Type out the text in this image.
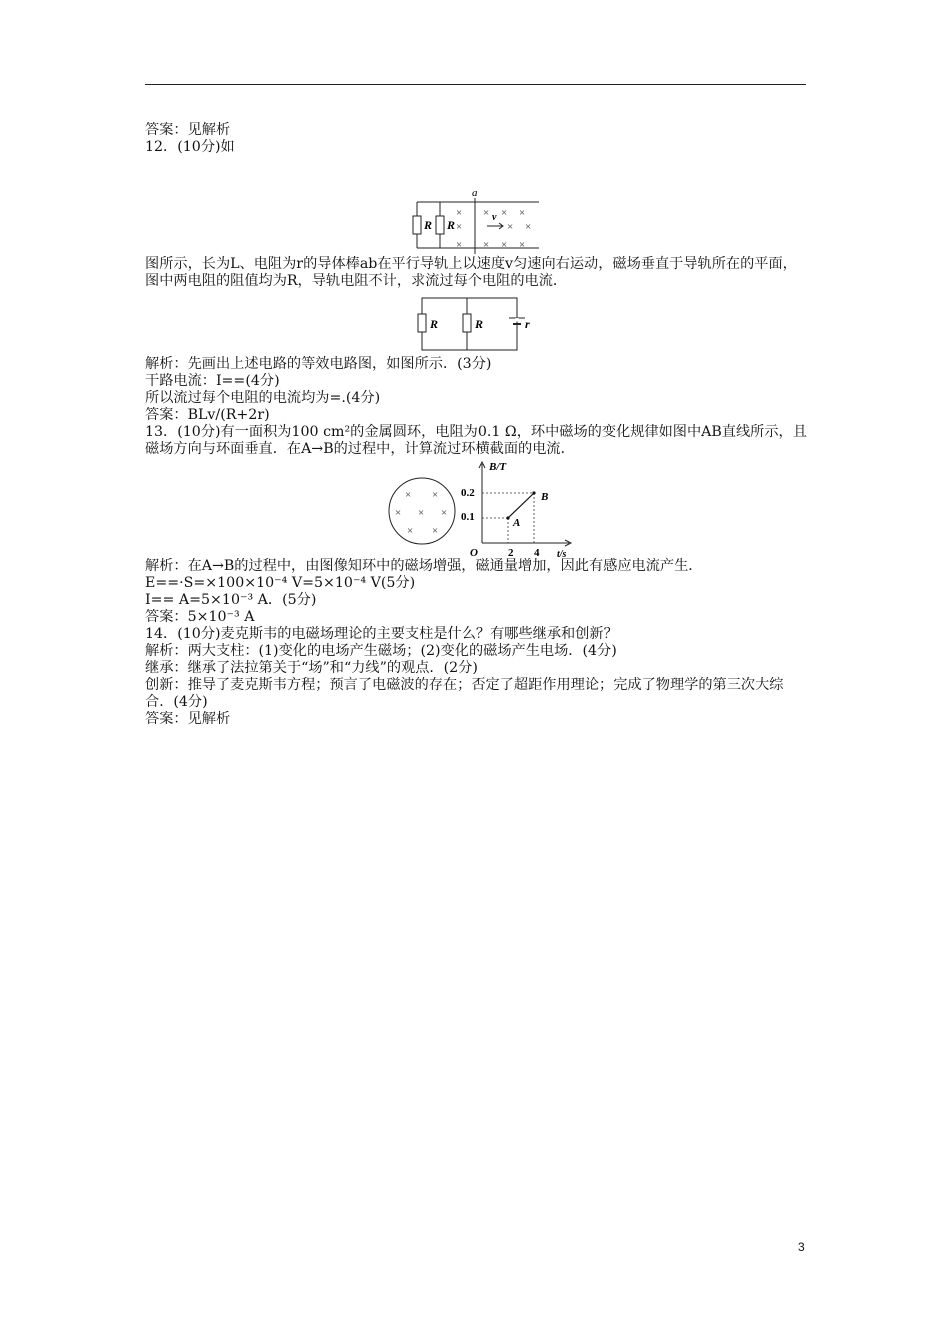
答案：见解析
12．(10分)如
a
R R
v
×
×
×
× × ×
× ×
× × ×
图所示，长为L、电阻为r的导体棒ab在平行导轨上以速度v匀速向右运动，磁场垂直于导轨所在的平面，图中两电阻的阻值均为R，导轨电阻不计，求流过每个电阻的电流．
R	R	r
解析：先画出上述电路的等效电路图，如图所示．(3分)
干路电流：I==(4分)
所以流过每个电阻的电流均为=.(4分)
答案：BLv/(R+2r)
13．(10分)有一面积为100 cm²的金属圆环，电阻为0.1 Ω，环中磁场的变化规律如图中AB直线所示，且磁场方向与环面垂直．在A→B的过程中，计算流过环横截面的电流．
× ×
× × ×
× ×
B/T
t/s
O
0.2
0.1
2 4
A
B
解析：在A→B的过程中，由图像知环中的磁场增强，磁通量增加，因此有感应电流产生．
E==·S=×100×10⁻⁴ V=5×10⁻⁴ V(5分)
I== A=5×10⁻³ A．(5分)
答案：5×10⁻³ A
14．(10分)麦克斯韦的电磁场理论的主要支柱是什么？有哪些继承和创新？
解析：两大支柱：(1)变化的电场产生磁场；(2)变化的磁场产生电场．(4分)
继承：继承了法拉第关于“场”和“力线”的观点．(2分)
创新：推导了麦克斯韦方程；预言了电磁波的存在；否定了超距作用理论；完成了物理学的第三次大综合．(4分)
答案：见解析
3
